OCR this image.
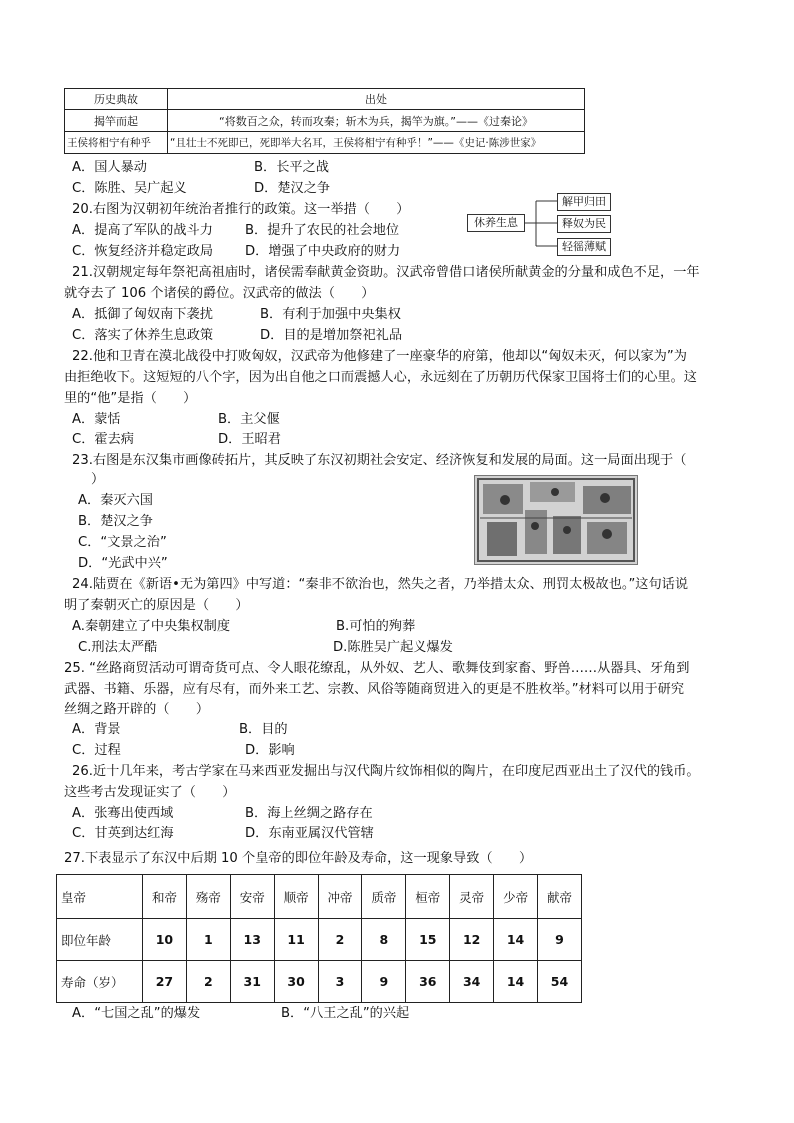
历史典故	出处
揭竿而起	“将数百之众，转而攻秦；斩木为兵，揭竿为旗。”——《过秦论》
王侯将相宁有种乎	“且壮士不死即已，死即举大名耳，王侯将相宁有种乎！”——《史记·陈涉世家》
A．国人暴动	B．长平之战
C．陈胜、吴广起义	D．楚汉之争
20.右图为汉朝初年统治者推行的政策。这一举措（　　）
A．提高了军队的战斗力 B．提升了农民的社会地位
C．恢复经济并稳定政局 D．增强了中央政府的财力
休养生息
解甲归田
释奴为民
轻徭薄赋
21.汉朝规定每年祭祀高祖庙时，诸侯需奉献黄金资助。汉武帝曾借口诸侯所献黄金的分量和成色不足，一年
就夺去了 106 个诸侯的爵位。汉武帝的做法（　　）
A．抵御了匈奴南下袭扰	B．有利于加强中央集权
C．落实了休养生息政策	D．目的是增加祭祀礼品
22.他和卫青在漠北战役中打败匈奴，汉武帝为他修建了一座豪华的府第，他却以“匈奴未灭，何以家为”为
由拒绝收下。这短短的八个字，因为出自他之口而震撼人心，永远刻在了历朝历代保家卫国将士们的心里。这
里的“他”是指（　　）
A．蒙恬	B．主父偃
C．霍去病	D．王昭君
23.右图是东汉集市画像砖拓片，其反映了东汉初期社会安定、经济恢复和发展的局面。这一局面出现于（
）
A．秦灭六国
B．楚汉之争
C．“文景之治”
D．“光武中兴”
24.陆贾在《新语•无为第四》中写道：“秦非不欲治也，然失之者，乃举措太众、刑罚太极故也。”这句话说
明了秦朝灭亡的原因是（　　）
A.秦朝建立了中央集权制度	B.可怕的殉葬
C.刑法太严酷	D.陈胜吴广起义爆发
25. “丝路商贸活动可谓奇货可点、令人眼花缭乱，从外奴、艺人、歌舞伎到家畜、野兽……从器具、牙角到
武器、书籍、乐器，应有尽有，而外来工艺、宗教、风俗等随商贸进入的更是不胜枚举。”材料可以用于研究
丝绸之路开辟的（　　）
A．背景	B．目的
C．过程	D．影响
26.近十几年来，考古学家在马来西亚发掘出与汉代陶片纹饰相似的陶片，在印度尼西亚出土了汉代的钱币。
这些考古发现证实了（　　）
A．张骞出使西域	B．海上丝绸之路存在
C．甘英到达红海	D．东南亚属汉代管辖
27.下表显示了东汉中后期 10 个皇帝的即位年龄及寿命，这一现象导致（　　）
皇帝	和帝	殇帝	安帝	顺帝	冲帝	质帝	桓帝	灵帝	少帝	献帝
即位年龄	10	1	13	11	2	8	15	12	14	9
寿命（岁）	27	2	31	30	3	9	36	34	14	54
A．“七国之乱”的爆发	B．“八王之乱”的兴起
